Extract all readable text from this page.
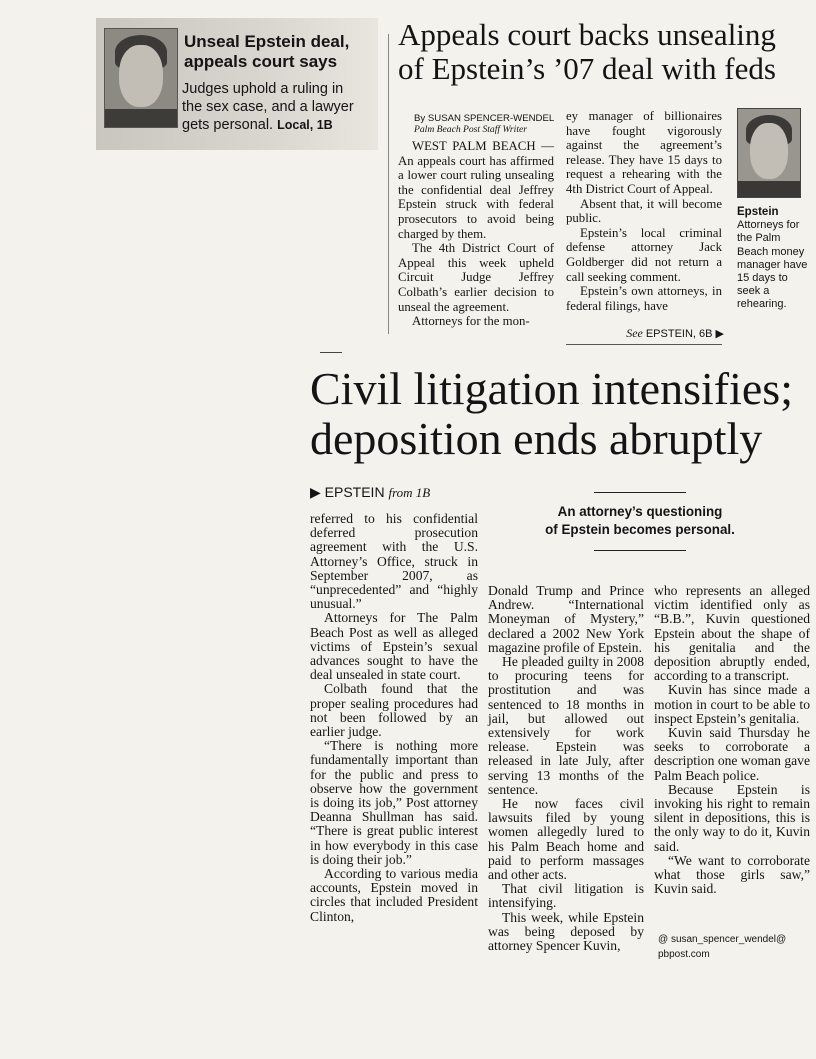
Unseal Epstein deal,
appeals court says
Judges uphold a ruling in
the sex case, and a lawyer
gets personal. Local, 1B
Appeals court backs unsealing
of Epstein’s ’07 deal with feds
By SUSAN SPENCER-WENDEL
Palm Beach Post Staff Writer

WEST PALM BEACH — An appeals court has affirmed a lower court ruling unsealing the confidential deal Jeffrey Epstein struck with federal prosecutors to avoid being charged by them.

The 4th District Court of Appeal this week upheld Circuit Judge Jeffrey Colbath’s earlier decision to unseal the agreement.

Attorneys for the mon-

ey manager of billionaires have fought vigorously against the agreement’s release. They have 15 days to request a rehearing with the 4th District Court of Appeal.

Absent that, it will become public.

Epstein’s local criminal defense attorney Jack Goldberger did not return a call seeking comment.

Epstein’s own attorneys, in federal filings, have

See EPSTEIN, 6B ▶
Epstein
Attorneys for the Palm Beach money manager have 15 days to seek a rehearing.
Civil litigation intensifies;
deposition ends abruptly
▶ EPSTEIN from 1B
An attorney’s questioning
of Epstein becomes personal.

referred to his confidential deferred prosecution agreement with the U.S. Attorney’s Office, struck in September 2007, as “unprecedented” and “highly unusual.”

Attorneys for The Palm Beach Post as well as alleged victims of Epstein’s sexual advances sought to have the deal unsealed in state court.

Colbath found that the proper sealing procedures had not been followed by an earlier judge.

“There is nothing more fundamentally important than for the public and press to observe how the government is doing its job,” Post attorney Deanna Shullman has said. “There is great public interest in how everybody in this case is doing their job.”

According to various media accounts, Epstein moved in circles that included President Clinton,

Donald Trump and Prince Andrew. “International Moneyman of Mystery,” declared a 2002 New York magazine profile of Epstein.

He pleaded guilty in 2008 to procuring teens for prostitution and was sentenced to 18 months in jail, but allowed out extensively for work release. Epstein was released in late July, after serving 13 months of the sentence.

He now faces civil lawsuits filed by young women allegedly lured to his Palm Beach home and paid to perform massages and other acts.

That civil litigation is intensifying.

This week, while Epstein was being deposed by attorney Spencer Kuvin,

who represents an alleged victim identified only as “B.B.”, Kuvin questioned Epstein about the shape of his genitalia and the deposition abruptly ended, according to a transcript.

Kuvin has since made a motion in court to be able to inspect Epstein’s genitalia.

Kuvin said Thursday he seeks to corroborate a description one woman gave Palm Beach police.

Because Epstein is invoking his right to remain silent in depositions, this is the only way to do it, Kuvin said.

“We want to corroborate what those girls saw,” Kuvin said.

@ susan_spencer_wendel@
pbpost.com
